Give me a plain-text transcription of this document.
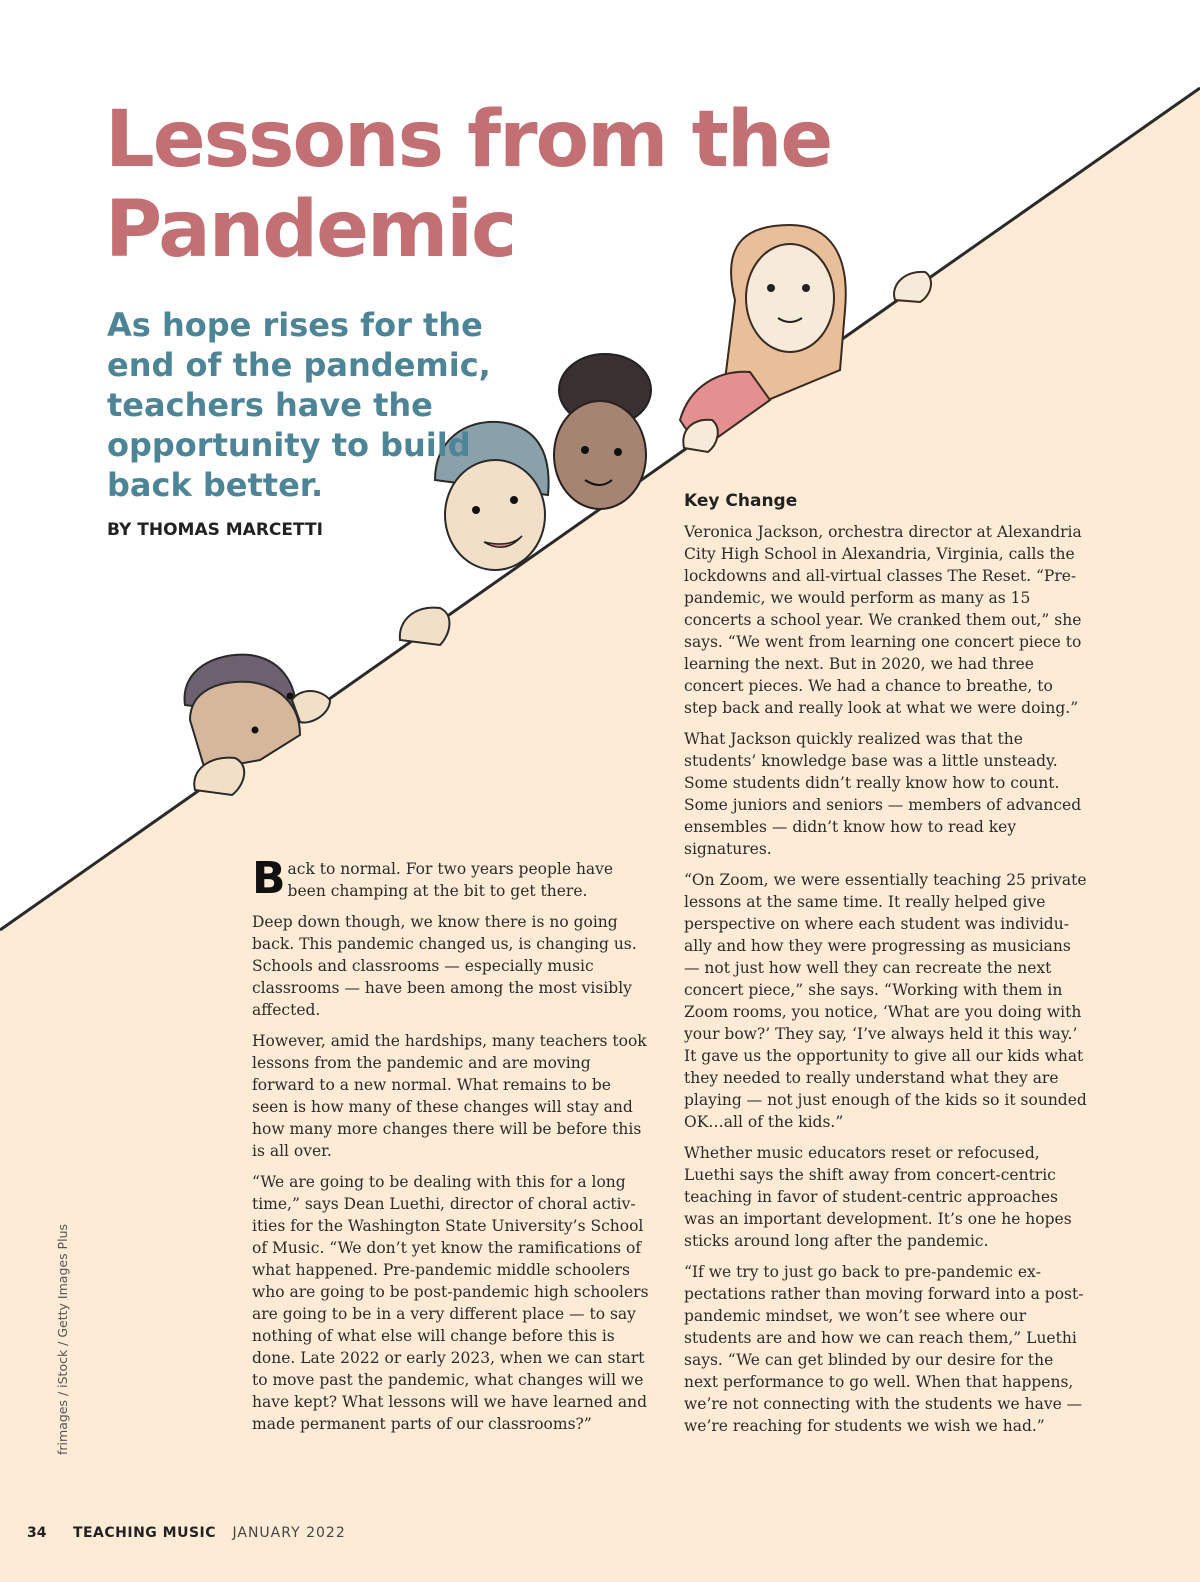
Lessons from the
Pandemic

As hope rises for the end of the pandemic, teachers have the opportunity to build back better.

BY THOMAS MARCETTI

Back to normal. For two years people have been champing at the bit to get there.

Deep down though, we know there is no going back. This pandemic changed us, is changing us. Schools and classrooms — especially music classrooms — have been among the most visibly affected.

However, amid the hardships, many teachers took lessons from the pandemic and are moving forward to a new normal. What remains to be seen is how many of these changes will stay and how many more changes there will be before this is all over.

“We are going to be dealing with this for a long time,” says Dean Luethi, director of choral activities for the Washington State University’s School of Music. “We don’t yet know the ramifications of what happened. Pre-pandemic middle schoolers who are going to be post-pandemic high schoolers are going to be in a very different place — to say nothing of what else will change before this is done. Late 2022 or early 2023, when we can start to move past the pandemic, what changes will we have kept? What lessons will we have learned and made permanent parts of our classrooms?”

Key Change

Veronica Jackson, orchestra director at Alexandria City High School in Alexandria, Virginia, calls the lockdowns and all-virtual classes The Reset. “Pre-pandemic, we would perform as many as 15 concerts a school year. We cranked them out,” she says. “We went from learning one concert piece to learning the next. But in 2020, we had three concert pieces. We had a chance to breathe, to step back and really look at what we were doing.”

What Jackson quickly realized was that the students’ knowledge base was a little unsteady. Some students didn’t really know how to count. Some juniors and seniors — members of advanced ensembles — didn’t know how to read key signatures.

“On Zoom, we were essentially teaching 25 private lessons at the same time. It really helped give perspective on where each student was individually and how they were progressing as musicians — not just how well they can recreate the next concert piece,” she says. “Working with them in Zoom rooms, you notice, ‘What are you doing with your bow?’ They say, ‘I’ve always held it this way.’ It gave us the opportunity to give all our kids what they needed to really understand what they are playing — not just enough of the kids so it sounded OK…all of the kids.”

Whether music educators reset or refocused, Luethi says the shift away from concert-centric teaching in favor of student-centric approaches was an important development. It’s one he hopes sticks around long after the pandemic.

“If we try to just go back to pre-pandemic expectations rather than moving forward into a post-pandemic mindset, we won’t see where our students are and how we can reach them,” Luethi says. “We can get blinded by our desire for the next performance to go well. When that happens, we’re not connecting with the students we have — we’re reaching for students we wish we had.”

frimages / iStock / Getty Images Plus
34 TEACHING MUSIC JANUARY 2022
